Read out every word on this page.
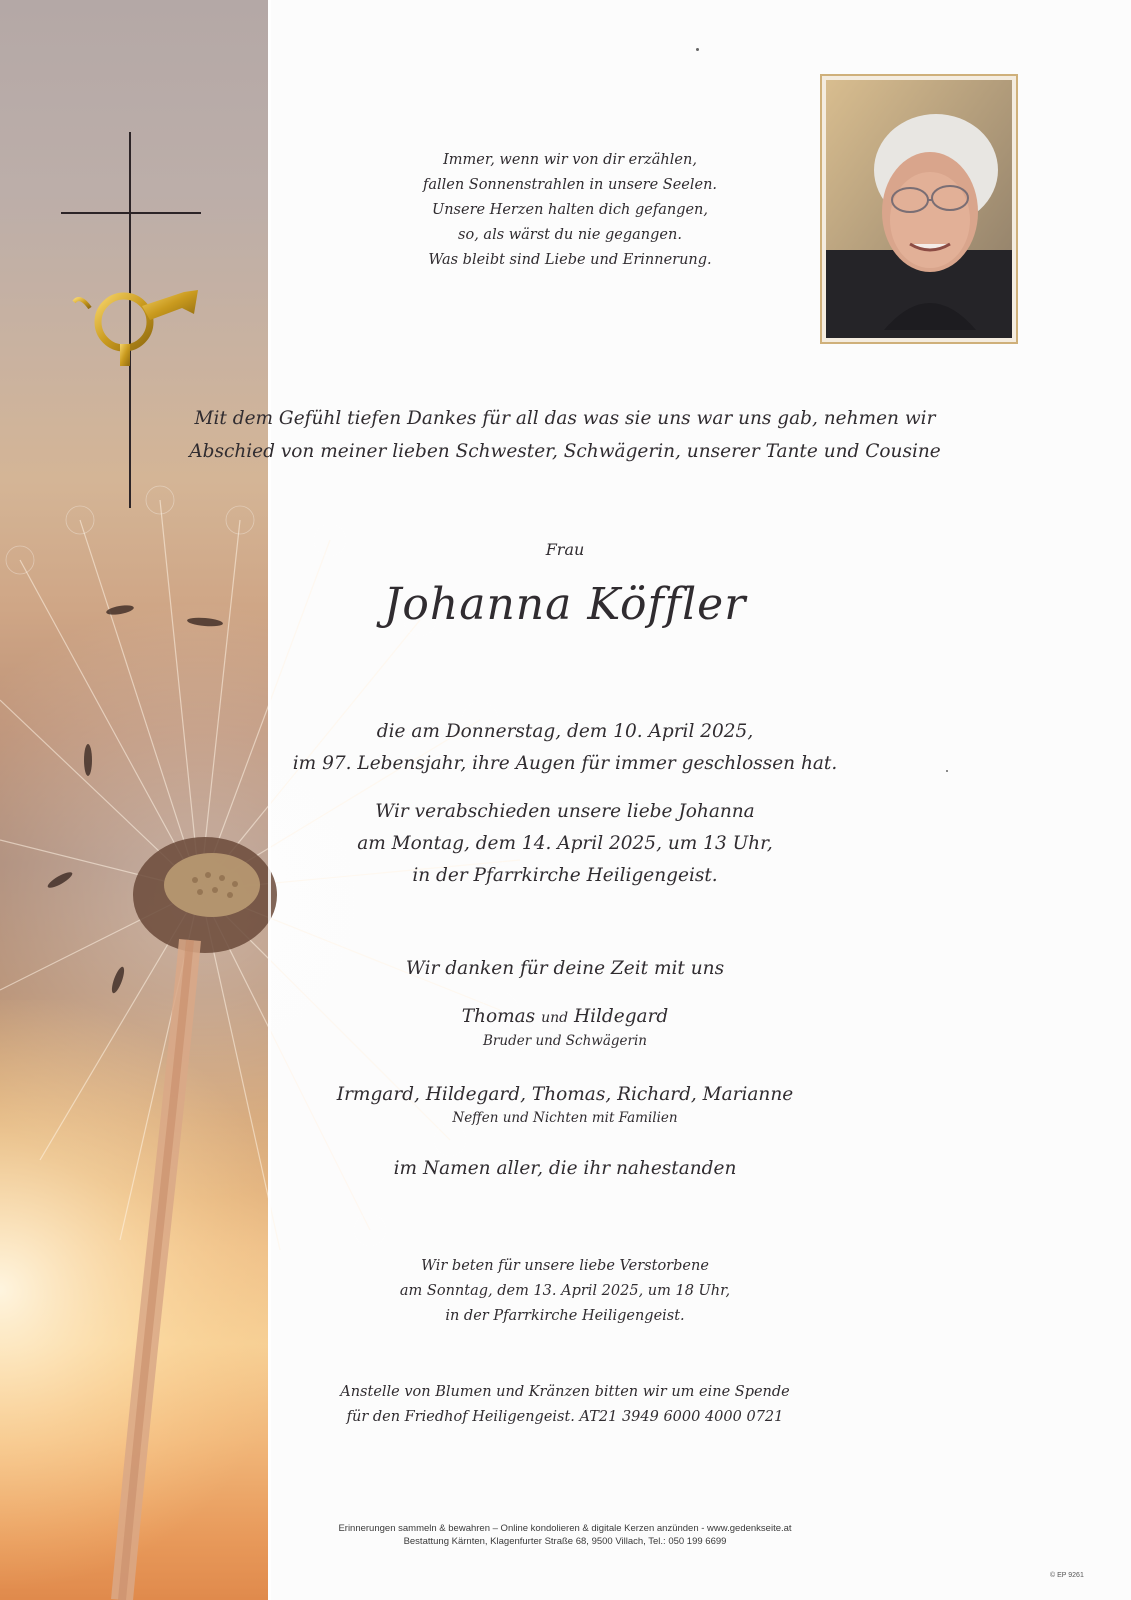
Immer, wenn wir von dir erzählen,
fallen Sonnenstrahlen in unsere Seelen.
Unsere Herzen halten dich gefangen,
so, als wärst du nie gegangen.
Was bleibt sind Liebe und Erinnerung.
Mit dem Gefühl tiefen Dankes für all das was sie uns war uns gab, nehmen wir
Abschied von meiner lieben Schwester, Schwägerin, unserer Tante und Cousine
Frau
Johanna Köffler
die am Donnerstag, dem 10. April 2025,
im 97. Lebensjahr, ihre Augen für immer geschlossen hat.
Wir verabschieden unsere liebe Johanna
am Montag, dem 14. April 2025, um 13 Uhr,
in der Pfarrkirche Heiligengeist.
Wir danken für deine Zeit mit uns
Thomas und Hildegard
Bruder und Schwägerin
Irmgard, Hildegard, Thomas, Richard, Marianne
Neffen und Nichten mit Familien
im Namen aller, die ihr nahestanden
Wir beten für unsere liebe Verstorbene
am Sonntag, dem 13. April 2025, um 18 Uhr,
in der Pfarrkirche Heiligengeist.
Anstelle von Blumen und Kränzen bitten wir um eine Spende
für den Friedhof Heiligengeist. AT21 3949 6000 4000 0721
Erinnerungen sammeln & bewahren – Online kondolieren & digitale Kerzen anzünden - www.gedenkseite.at
Bestattung Kärnten, Klagenfurter Straße 68, 9500 Villach, Tel.: 050 199 6699
© EP 9261
